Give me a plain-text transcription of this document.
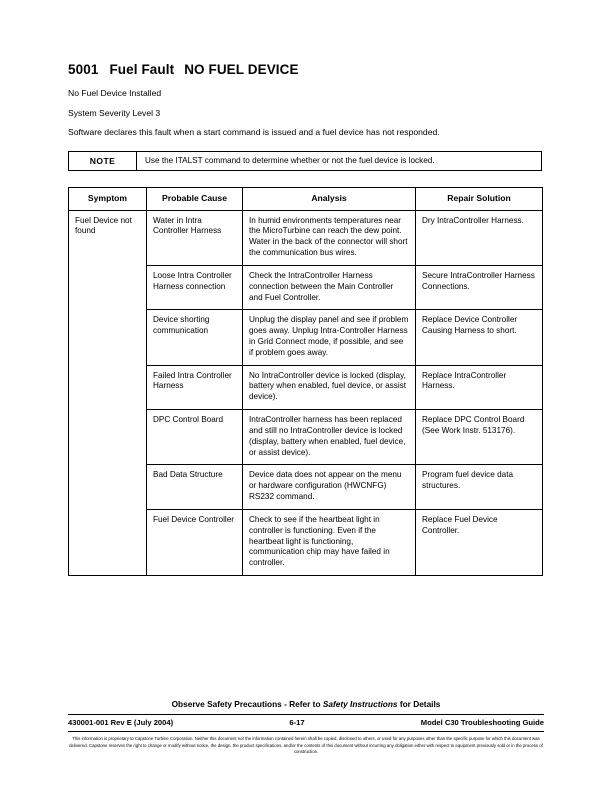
5001 Fuel Fault NO FUEL DEVICE

No Fuel Device Installed

System Severity Level 3

Software declares this fault when a start command is issued and a fuel device has not responded.

NOTE	Use the ITALST command to determine whether or not the fuel device is locked.
Symptom	Probable Cause	Analysis	Repair Solution
Fuel Device not found	Water in Intra Controller Harness	In humid environments temperatures near the MicroTurbine can reach the dew point. Water in the back of the connector will short the communication bus wires.	Dry IntraController Harness.
	Loose Intra Controller Harness connection	Check the IntraController Harness connection between the Main Controller and Fuel Controller.	Secure IntraController Harness Connections.
	Device shorting communication	Unplug the display panel and see if problem goes away. Unplug Intra-Controller Harness in Grid Connect mode, if possible, and see if problem goes away.	Replace Device Controller Causing Harness to short.
	Failed Intra Controller Harness	No IntraController device is locked (display, battery when enabled, fuel device, or assist device).	Replace IntraController Harness.
	DPC Control Board	IntraController harness has been replaced and still no IntraController device is locked (display, battery when enabled, fuel device, or assist device).	Replace DPC Control Board (See Work Instr. 513176).
	Bad Data Structure	Device data does not appear on the menu or hardware configuration (HWCNFG) RS232 command.	Program fuel device data structures.
	Fuel Device Controller	Check to see if the heartbeat light in controller is functioning. Even if the heartbeat light is functioning, communication chip may have failed in controller.	Replace Fuel Device Controller.
Observe Safety Precautions - Refer to Safety Instructions for Details
430001-001 Rev E (July 2004)	6-17	Model C30 Troubleshooting Guide
This information is proprietary to Capstone Turbine Corporation. Neither this document nor the information contained herein shall be copied, disclosed to others, or used for any purposes other than the specific purpose for which this document was delivered. Capstone reserves the right to change or modify without notice, the design, the product specifications, and/or the contents of this document without incurring any obligation either with respect to equipment previously sold or in the process of construction.
